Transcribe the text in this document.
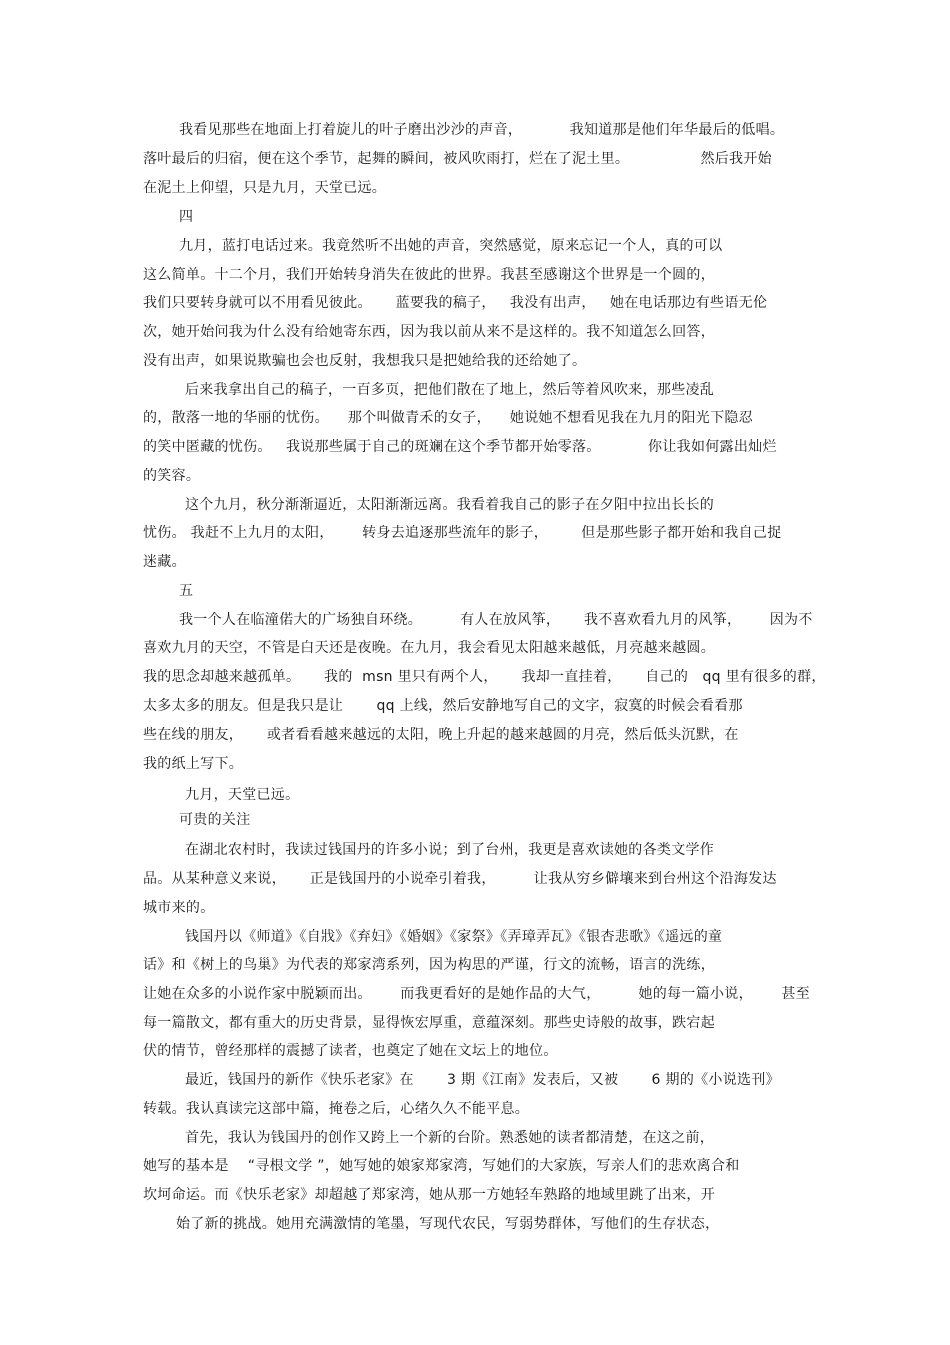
我看见那些在地面上打着旋儿的叶子磨出沙沙的声音，          我知道那是他们年华最后的低唱。
落叶最后的归宿，便在这个季节，起舞的瞬间，被风吹雨打，烂在了泥土里。               然后我开始
在泥土上仰望，只是九月，天堂已远。
四
九月，蓝打电话过来。我竟然听不出她的声音，突然感觉，原来忘记一个人，真的可以
这么简单。十二个月，我们开始转身消失在彼此的世界。我甚至感谢这个世界是一个圆的，
我们只要转身就可以不用看见彼此。     蓝要我的稿子，   我没有出声，   她在电话那边有些语无伦
次，她开始问我为什么没有给她寄东西，因为我以前从来不是这样的。我不知道怎么回答，
没有出声，如果说欺骗也会也反射，我想我只是把她给我的还给她了。
后来我拿出自己的稿子，一百多页，把他们散在了地上，然后等着风吹来，那些凌乱
的，散落一地的华丽的忧伤。    那个叫做青禾的女子，    她说她不想看见我在九月的阳光下隐忍
的笑中匿藏的忧伤。   我说那些属于自己的斑斓在这个季节都开始零落。          你让我如何露出灿烂
的笑容。
这个九月，秋分渐渐逼近，太阳渐渐远离。我看着我自己的影子在夕阳中拉出长长的
忧伤。 我赶不上九月的太阳，      转身去追逐那些流年的影子，       但是那些影子都开始和我自己捉
迷藏。
五
我一个人在临潼偌大的广场独自环绕。        有人在放风筝，     我不喜欢看九月的风筝，      因为不
喜欢九月的天空，不管是白天还是夜晚。在九月，我会看见太阳越来越低，月亮越来越圆。
我的思念却越来越孤单。     我的  msn 里只有两个人，     我却一直挂着，     自己的   qq 里有很多的群，
太多太多的朋友。但是我只是让       qq 上线，然后安静地写自己的文字，寂寞的时候会看看那
些在线的朋友，     或者看看越来越远的太阳，晚上升起的越来越圆的月亮，然后低头沉默，在
我的纸上写下。
九月，天堂已远。
可贵的关注
在湖北农村时，我读过钱国丹的许多小说；到了台州，我更是喜欢读她的各类文学作
品。从某种意义来说，     正是钱国丹的小说牵引着我，        让我从穷乡僻壤来到台州这个沿海发达
城市来的。
钱国丹以《师道》《自戕》《弃妇》《婚姻》《家祭》《弄璋弄瓦》《银杏悲歌》《遥远的童
话》和《树上的鸟巢》为代表的郑家湾系列，因为构思的严谨，行文的流畅，语言的洗练，
让她在众多的小说作家中脱颖而出。      而我更看好的是她作品的大气，        她的每一篇小说，      甚至
每一篇散文，都有重大的历史背景，显得恢宏厚重，意蕴深刻。那些史诗般的故事，跌宕起
伏的情节，曾经那样的震撼了读者，也奠定了她在文坛上的地位。
最近，钱国丹的新作《快乐老家》在       3 期《江南》发表后，又被       6 期的《小说选刊》
转载。我认真读完这部中篇，掩卷之后，心绪久久不能平息。
首先，我认为钱国丹的创作又跨上一个新的台阶。熟悉她的读者都清楚，在这之前，
她写的基本是    “寻根文学 ”，她写她的娘家郑家湾，写她们的大家族，写亲人们的悲欢离合和
坎坷命运。而《快乐老家》却超越了郑家湾，她从那一方她轻车熟路的地域里跳了出来，开
始了新的挑战。她用充满激情的笔墨，写现代农民，写弱势群体，写他们的生存状态，
